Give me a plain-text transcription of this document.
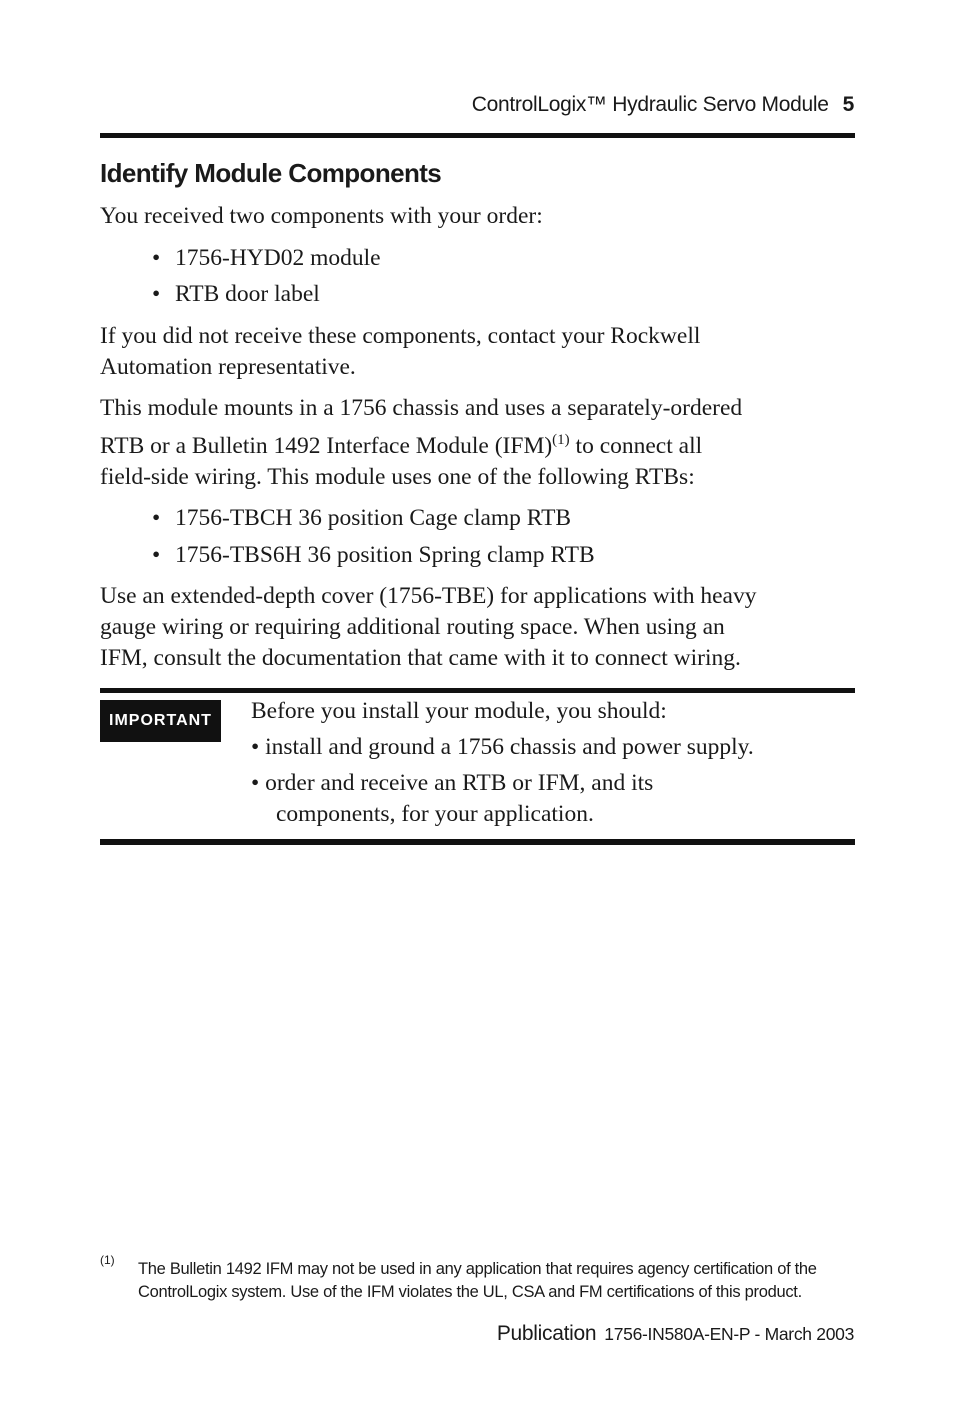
ControlLogix™ Hydraulic Servo Module 5
Identify Module Components

You received two components with your order:

• 1756-HYD02 module
• RTB door label

If you did not receive these components, contact your Rockwell

Automation representative.

This module mounts in a 1756 chassis and uses a separately-ordered

RTB or a Bulletin 1492 Interface Module (IFM)$^{(1)}$ to connect all

field-side wiring. This module uses one of the following RTBs:

• 1756-TBCH 36 position Cage clamp RTB
• 1756-TBS6H 36 position Spring clamp RTB

Use an extended-depth cover (1756-TBE) for applications with heavy

gauge wiring or requiring additional routing space. When using an

IFM, consult the documentation that came with it to connect wiring.

IMPORTANT	Before you install your module, you should:
• install and ground a 1756 chassis and power supply.
• order and receive an RTB or IFM, and its
components, for your application.
(1) The Bulletin 1492 IFM may not be used in any application that requires agency certification of the
ControlLogix system. Use of the IFM violates the UL, CSA and FM certifications of this product.
Publication 1756-IN580A-EN-P - March 2003
